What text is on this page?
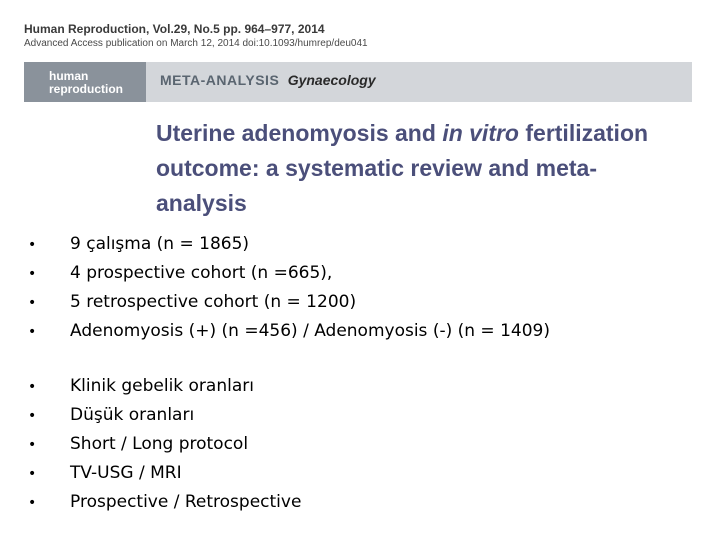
Human Reproduction, Vol.29, No.5 pp. 964–977, 2014
Advanced Access publication on March 12, 2014 doi:10.1093/humrep/deu041
human
reproduction
META-ANALYSIS Gynaecology
Uterine adenomyosis and in vitro fertilization outcome: a systematic review and meta-analysis
• 9 çalışma (n = 1865)
• 4 prospective cohort (n =665),
• 5 retrospective cohort (n = 1200)
• Adenomyosis (+) (n =456) / Adenomyosis (-) (n = 1409)
• Klinik gebelik oranları
• Düşük oranları
• Short / Long protocol
• TV-USG / MRI
• Prospective / Retrospective
